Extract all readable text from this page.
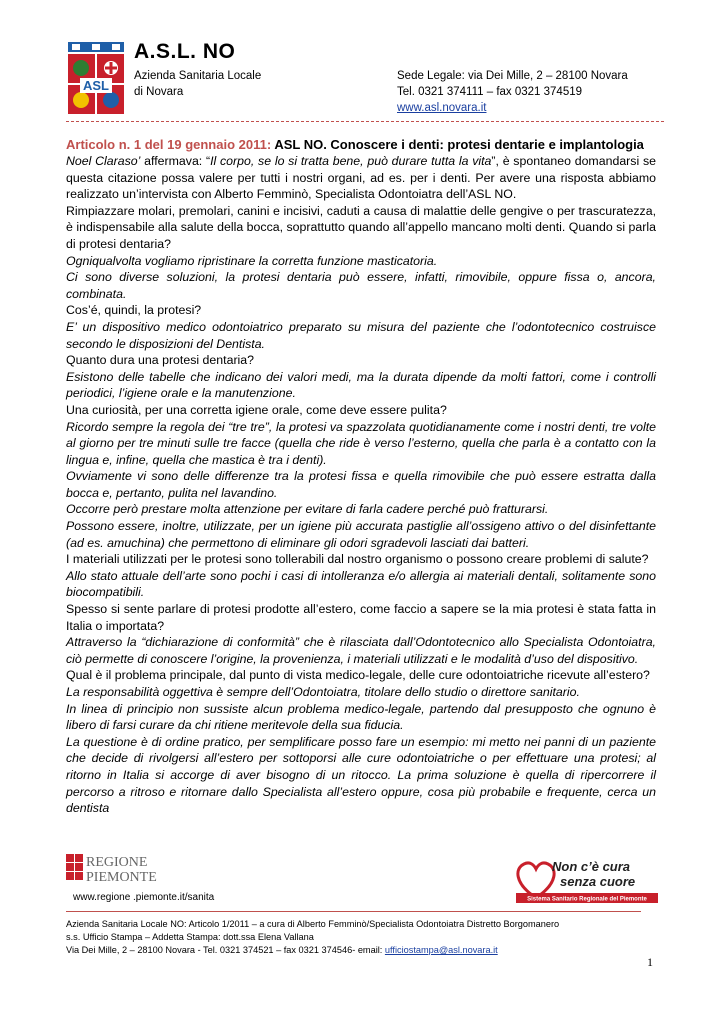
ASL
A.S.L. NO
Azienda Sanitaria Locale
di Novara
Sede Legale: via Dei Mille, 2 – 28100 Novara
Tel. 0321 374111 – fax 0321 374519
www.asl.novara.it

Articolo n. 1 del 19 gennaio 2011: ASL NO. Conoscere i denti: protesi dentarie e implantologia

Noel Claraso’ affermava: “Il corpo, se lo si tratta bene, può durare tutta la vita”, è spontaneo domandarsi se questa citazione possa valere per tutti i nostri organi, ad es. per i denti. Per avere una risposta abbiamo realizzato un’intervista con Alberto Femminò, Specialista Odontoiatra dell’ASL NO.

Rimpiazzare molari, premolari, canini e incisivi, caduti a causa di malattie delle gengive o per trascuratezza, è indispensabile alla salute della bocca, soprattutto quando all’appello mancano molti denti. Quando si parla di protesi dentaria?

Ogniqualvolta vogliamo ripristinare la corretta funzione masticatoria.

Ci sono diverse soluzioni, la protesi dentaria può essere, infatti, rimovibile, oppure fissa o, ancora, combinata.

Cos’é, quindi, la protesi?

E’ un dispositivo medico odontoiatrico preparato su misura del paziente che l’odontotecnico costruisce secondo le disposizioni del Dentista.

Quanto dura una protesi dentaria?

Esistono delle tabelle che indicano dei valori medi, ma la durata dipende da molti fattori, come i controlli periodici, l’igiene orale e la manutenzione.

Una curiosità, per una corretta igiene orale, come deve essere pulita?

Ricordo sempre la regola dei “tre tre”, la protesi va spazzolata quotidianamente come i nostri denti, tre volte al giorno per tre minuti sulle tre facce (quella che ride è verso l’esterno, quella che parla è a contatto con la lingua e, infine, quella che mastica è tra i denti).

Ovviamente vi sono delle differenze tra la protesi fissa e quella rimovibile che può essere estratta dalla bocca e, pertanto, pulita nel lavandino.

Occorre però prestare molta attenzione per evitare di farla cadere perché può fratturarsi.

Possono essere, inoltre, utilizzate, per un igiene più accurata pastiglie all’ossigeno attivo o del disinfettante (ad es. amuchina) che permettono di eliminare gli odori sgradevoli lasciati dai batteri.

I materiali utilizzati per le protesi sono tollerabili dal nostro organismo o possono creare problemi di salute?

Allo stato attuale dell’arte sono pochi i casi di intolleranza e/o allergia ai materiali dentali, solitamente sono biocompatibili.

Spesso si sente parlare di protesi prodotte all’estero, come faccio a sapere se la mia protesi è stata fatta in Italia o importata?

Attraverso la “dichiarazione di conformità” che è rilasciata dall’Odontotecnico allo Specialista Odontoiatra, ciò permette di conoscere l’origine, la provenienza, i materiali utilizzati e le modalità d’uso del dispositivo.

Qual è il problema principale, dal punto di vista medico-legale, delle cure odontoiatriche ricevute all’estero?

La responsabilità oggettiva è sempre dell’Odontoiatra, titolare dello studio o direttore sanitario.

In linea di principio non sussiste alcun problema medico-legale, partendo dal presupposto che ognuno è libero di farsi curare da chi ritiene meritevole della sua fiducia.

La questione è di ordine pratico, per semplificare posso fare un esempio: mi metto nei panni di un paziente che decide di rivolgersi all’estero per sottoporsi alle cure odontoiatriche o per effettuare una protesi; al ritorno in Italia si accorge di aver bisogno di un ritocco. La prima soluzione è quella di ripercorrere il percorso a ritroso e ritornare dallo Specialista all’estero oppure, cosa più probabile e frequente, cerca un dentista

REGIONE
PIEMONTE
www.regione .piemonte.it/sanita
Non c’è cura
senza cuore
Sistema Sanitario Regionale del Piemonte
Azienda Sanitaria Locale NO: Articolo 1/2011 – a cura di Alberto Femminò/Specialista Odontoiatra Distretto Borgomanero
s.s. Ufficio Stampa – Addetta Stampa: dott.ssa Elena Vallana
Via Dei Mille, 2 – 28100 Novara - Tel. 0321 374521 – fax 0321 374546- email: ufficiostampa@asl.novara.it
1
